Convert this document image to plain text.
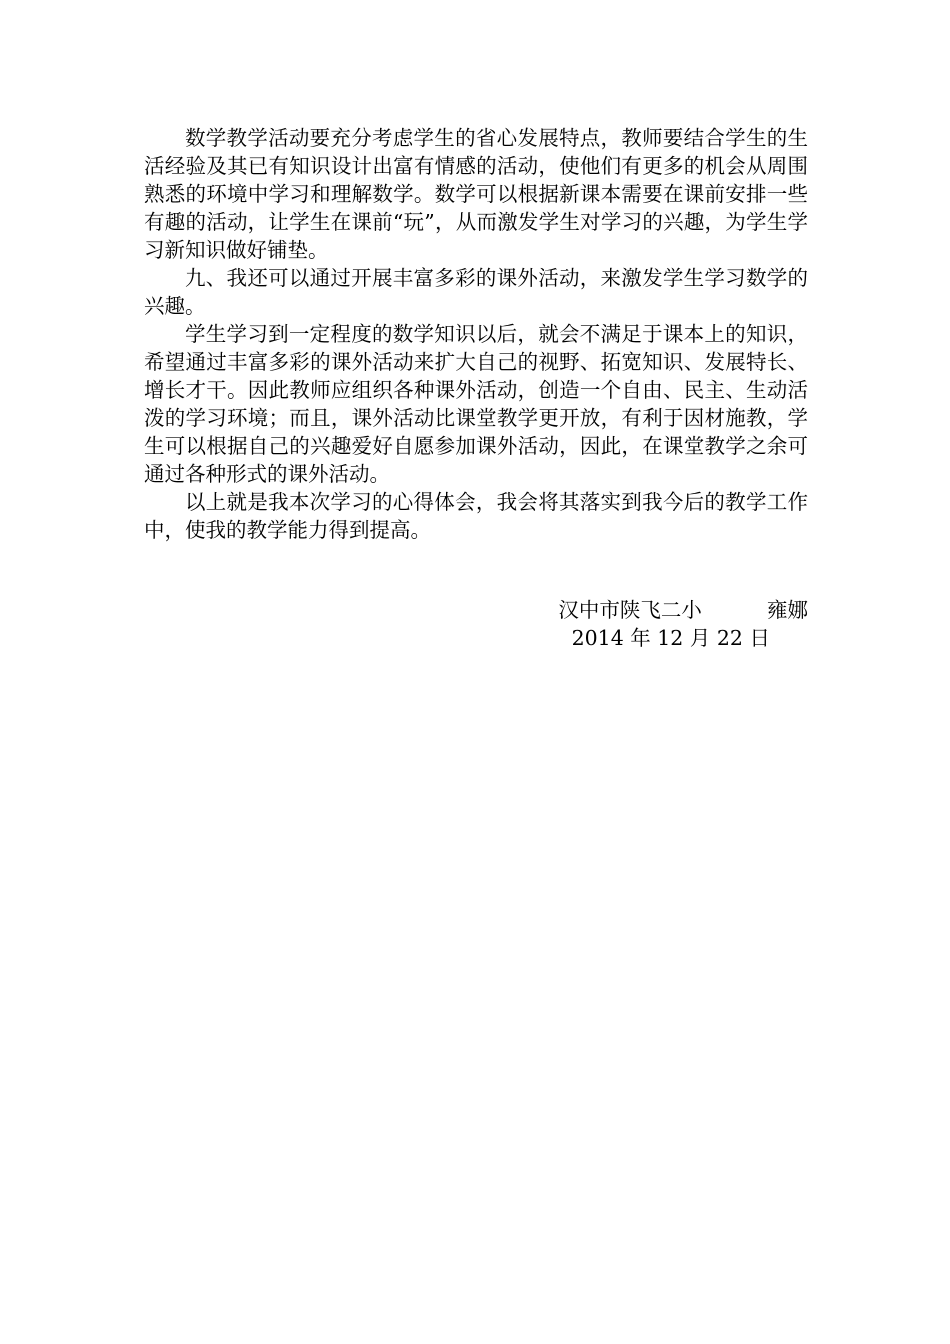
数学教学活动要充分考虑学生的省心发展特点，教师要结合学生的生活经验及其已有知识设计出富有情感的活动，使他们有更多的机会从周围熟悉的环境中学习和理解数学。数学可以根据新课本需要在课前安排一些有趣的活动，让学生在课前“玩”，从而激发学生对学习的兴趣，为学生学习新知识做好铺垫。

九、我还可以通过开展丰富多彩的课外活动，来激发学生学习数学的兴趣。

学生学习到一定程度的数学知识以后，就会不满足于课本上的知识，希望通过丰富多彩的课外活动来扩大自己的视野、拓宽知识、发展特长、增长才干。因此教师应组织各种课外活动，创造一个自由、民主、生动活泼的学习环境；而且，课外活动比课堂教学更开放，有利于因材施教，学生可以根据自己的兴趣爱好自愿参加课外活动，因此，在课堂教学之余可通过各种形式的课外活动。

以上就是我本次学习的心得体会，我会将其落实到我今后的教学工作中，使我的教学能力得到提高。

汉中市陕飞二小	雍娜
2014 年 12 月 22 日
